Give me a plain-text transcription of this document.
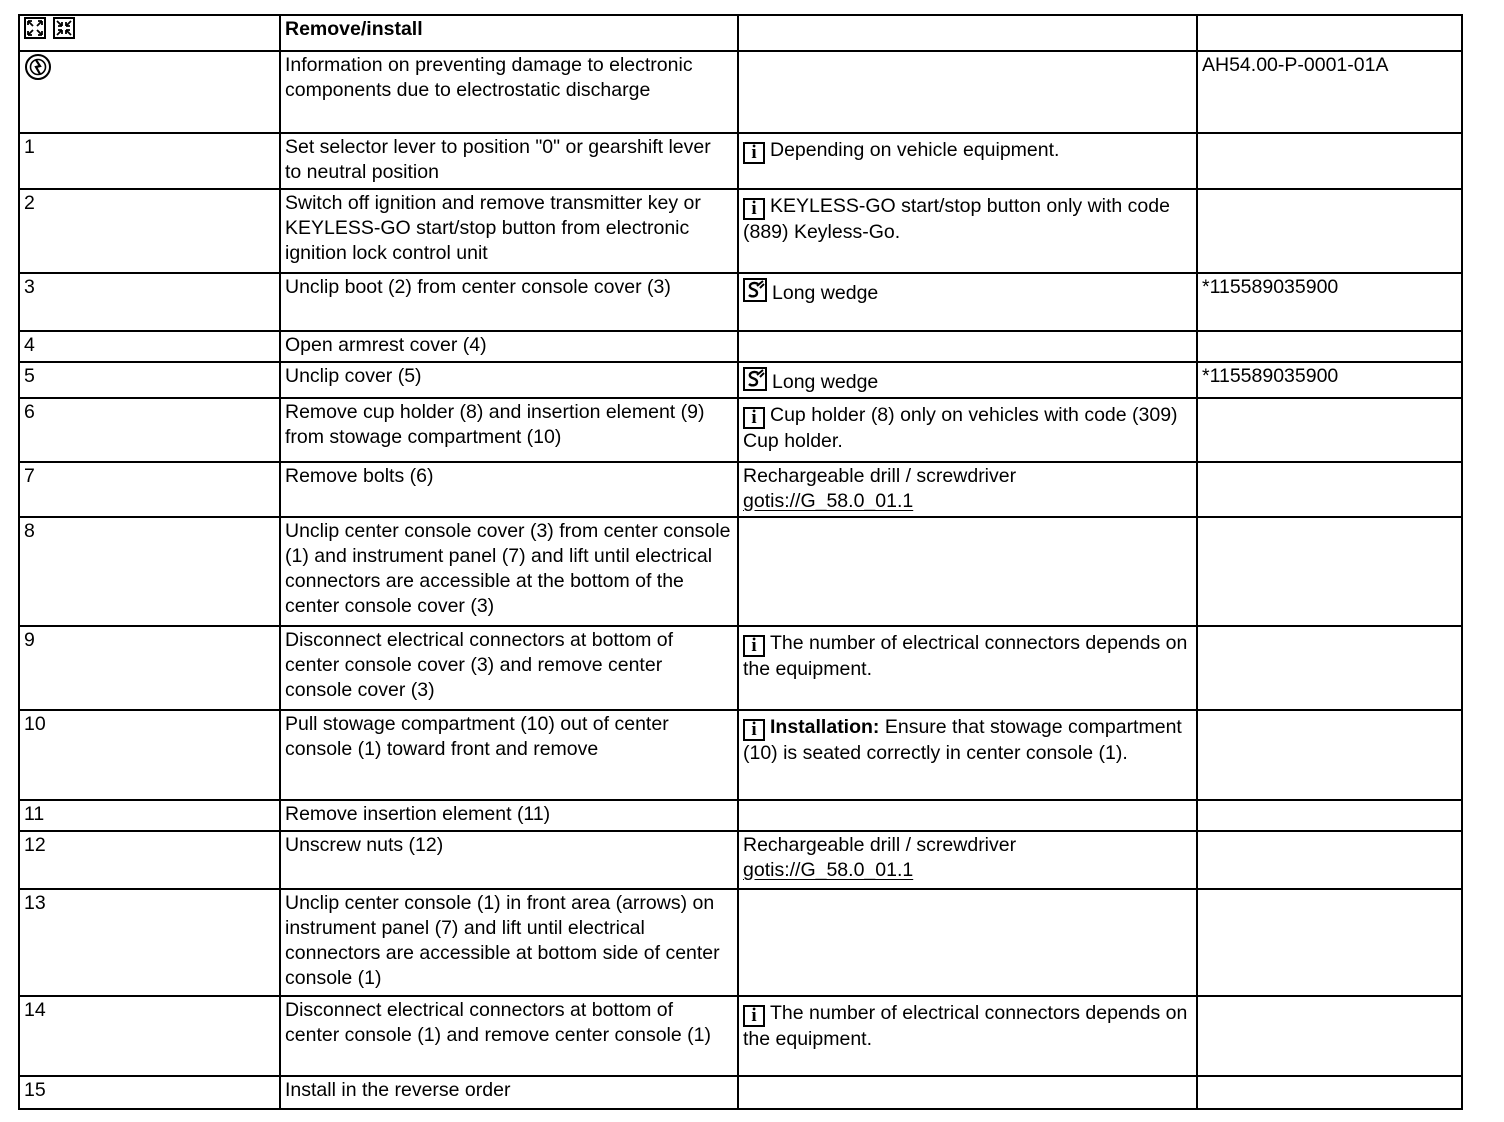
	Remove/install		
	Information on preventing damage to electronic components due to electrostatic discharge		AH54.00-P-0001-01A
1	Set selector lever to position "0" or gearshift lever to neutral position	i Depending on vehicle equipment.	
2	Switch off ignition and remove transmitter key or KEYLESS-GO start/stop button from electronic ignition lock control unit	i KEYLESS-GO start/stop button only with code (889) Keyless-Go.	
3	Unclip boot (2) from center console cover (3)	Long wedge	*115589035900
4	Open armrest cover (4)		
5	Unclip cover (5)	Long wedge	*115589035900
6	Remove cup holder (8) and insertion element (9) from stowage compartment (10)	i Cup holder (8) only on vehicles with code (309) Cup holder.	
7	Remove bolts (6)	Rechargeable drill / screwdriver
gotis://G_58.0_01.1	

8	Unclip center console cover (3) from center console (1) and instrument panel (7) and lift until electrical connectors are accessible at the bottom of the center console cover (3)		
9	Disconnect electrical connectors at bottom of center console cover (3) and remove center console cover (3)	i The number of electrical connectors depends on the equipment.	
10	Pull stowage compartment (10) out of center console (1) toward front and remove	i Installation: Ensure that stowage compartment (10) is seated correctly in center console (1).	
11	Remove insertion element (11)		
12	Unscrew nuts (12)	Rechargeable drill / screwdriver
gotis://G_58.0_01.1	

13	Unclip center console (1) in front area (arrows) on instrument panel (7) and lift until electrical connectors are accessible at bottom side of center console (1)		
14	Disconnect electrical connectors at bottom of center console (1) and remove center console (1)	i The number of electrical connectors depends on the equipment.	
15	Install in the reverse order		
